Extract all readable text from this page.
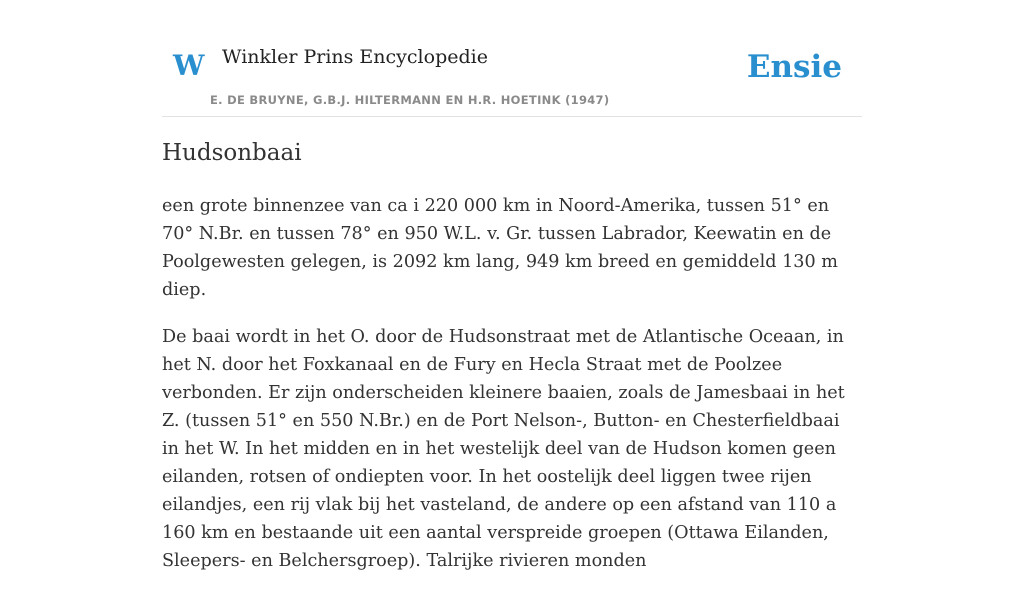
W Winkler Prins Encyclopedie
E. DE BRUYNE, G.B.J. HILTERMANN EN H.R. HOETINK (1947)
Ensie
Hudsonbaai

een grote binnenzee van ca i 220 000 km in Noord-Amerika, tussen 51° en 70° N.Br. en tussen 78° en 950 W.L. v. Gr. tussen Labrador, Keewatin en de Poolgewesten gelegen, is 2092 km lang, 949 km breed en gemiddeld 130 m diep.

De baai wordt in het O. door de Hudsonstraat met de Atlantische Oceaan, in het N. door het Foxkanaal en de Fury en Hecla Straat met de Poolzee verbonden. Er zijn onderscheiden kleinere baaien, zoals de Jamesbaai in het Z. (tussen 51° en 550 N.Br.) en de Port Nelson-, Button- en Chesterfieldbaai in het W. In het midden en in het westelijk deel van de Hudson komen geen eilanden, rotsen of ondiepten voor. In het oostelijk deel liggen twee rijen eilandjes, een rij vlak bij het vasteland, de andere op een afstand van 110 a 160 km en bestaande uit een aantal verspreide groepen (Ottawa Eilanden, Sleepers- en Belchersgroep). Talrijke rivieren monden
